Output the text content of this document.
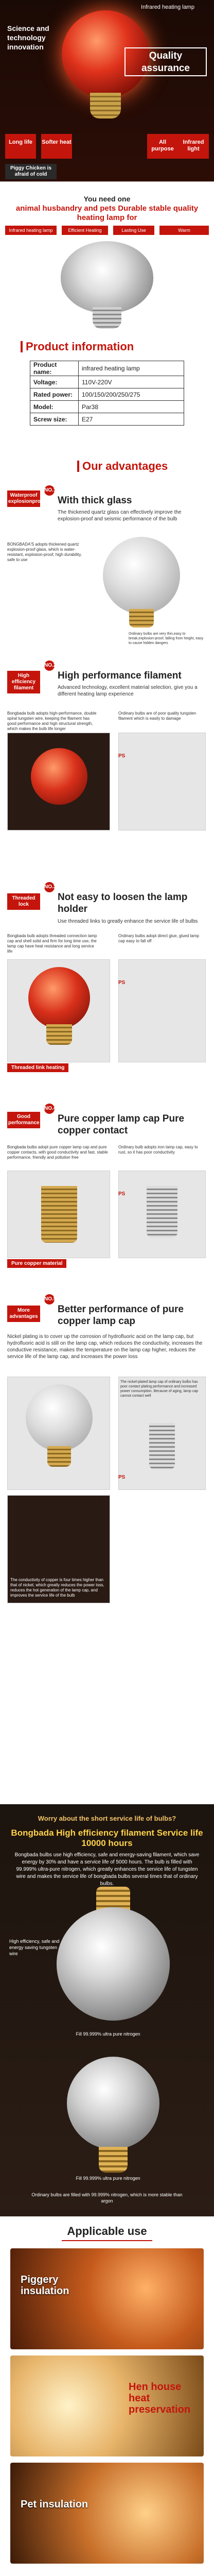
Science and technology innovation
Infrared heating lamp
Quality assurance
Long life	Softer heat	All purpose
Infrared light
Piggy Chicken is afraid of cold
You need one
animal husbandry and pets Durable stable quality heating lamp for
Infrared heating lamp	Efficient Heating	Lasting Use	Warm
Product information
Product name:	infrared heating lamp
Voltage:	110V-220V
Rated power:	100/150/200/250/275
Model:	Par38
Screw size:	E27
Our advantages
Waterproof explosionproof
NO.1
With thick glass
The thickened quartz glass can effectively improve the explosion-proof and seismic performance of the bulb
BONGBADA'S adopts thickened quartz explosion-proof glass, which is water-resistant, explosion-proof, high durability, safe to use
Ordinary bulbs are very thin,easy to break,explosion-proof, falling from height, easy to cause hidden dangers
High efficiency filament
NO.2
High performance filament
Advanced technology, excellent material selection, give you a different heating lamp experience
Bongbada bulb adopts high-performance, double spiral tungsten wire, keeping the filament has good performance and high structural strength, which makes the bulb life longer
Ordinary bulbs are of poor quality tungsten filament which is easily to damage
PS
Threaded lock
NO.3
Not easy to loosen the lamp holder
Use threaded links to greatly enhance the service life of bulbs
Bongbada bulb adopts threaded connection lamp cap and shell solid and firm for long time use, the lamp cap have heat resistance and long service life
Ordinary bulbs adopt direct glue, glued lamp cap easy to fall off
Threaded link heating
PS
Good performance
NO.4
Pure copper lamp cap Pure copper contact
Bongbada bulbs adopt pure copper lamp cap and pure copper contacts, with good conductivity and fast, stable performance, friendly and pollution free
Ordinary bulb adopts iron lamp cap, easy to rust, so it has poor conductivity
Pure copper material
PS
More advantages
NO.5
Better performance of pure copper lamp cap
Nickel plating is to cover up the corrosion of hydrofluoric acid on the lamp cap, but hydrofluoric acid is still on the lamp cap, which reduces the conductivity, increases the conductive resistance, makes the temperature on the lamp cap higher, reduces the service life of the lamp cap, and increases the power loss
The nickel-plated lamp cap of ordinary bulbs has poor contact plating performance and increased power consumption. Because of aging, lamp cap cannot contact well
PS
The conductivity of copper is four times higher than that of nickel, which greatly reduces the power loss, reduces the hot generation of the lamp cap, and improves the service life of the bulb
Worry about the short service life of bulbs?
Bongbada High efficiency filament Service life 10000 hours
Bongbada bulbs use high efficiency, safe and energy-saving filament, which save energy by 30% and have a service life of 5000 hours. The bulb is filled with 99.999% ultra-pure nitrogen, which greatly enhances the service life of tungsten wire and makes the service life of bongbada bulbs several times that of ordinary bulbs.
High efficiency, safe and energy saving tungsten wire
Fill 99.999% ultra pure nitrogen
Fill 99.999% ultra pure nitrogen
Ordinary bulbs are filled with 99.999% nitrogen, which is more stable than argon
Applicable use
Piggery insulation
Hen house heat preservation
Pet insulation
